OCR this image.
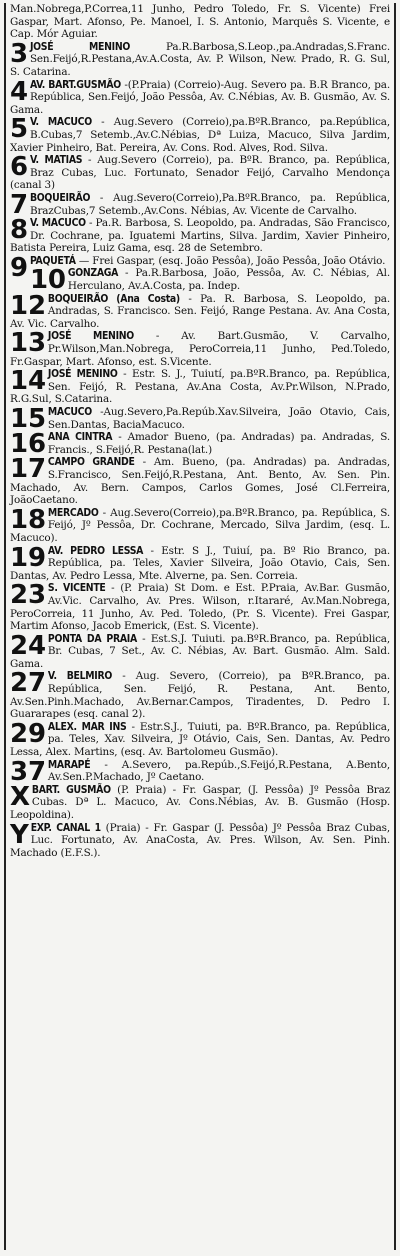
Man.Nobrega,P.Correa,11 Junho, Pedro Toledo, Fr. S. Vicente) Frei Gaspar, Mart. Afonso, Pe. Manoel, I. S. Antonio, Marquês S. Vicente, e Cap. Mór Aguiar.
3 JOSÉ MENINO Pa.R.Barbosa,S.Leop.,pa.Andradas,S.Franc. Sen.Feijó,R.Pestana,Av.A.Costa, Av. P. Wilson, New. Prado, R. G. Sul, S. Catarina.
4 AV. BART.GUSMÃO -(P.Praia) (Correio)-Aug. Severo pa. B.R Branco, pa. República, Sen.Feijó, João Pessôa, Av. C.Nébias, Av. B. Gusmão, Av. S. Gama.
5 V. MACUCO - Aug.Severo (Correio),pa.BºR.Branco, pa.República, B.Cubas,7 Setemb.,Av.C.Nébias, Dª Luiza, Macuco, Silva Jardim, Xavier Pinheiro, Bat. Pereira, Av. Cons. Rod. Alves, Rod. Silva.
6 V. MATIAS - Aug.Severo (Correio), pa. BºR. Branco, pa. República, Braz Cubas, Luc. Fortunato, Senador Feijó, Carvalho Mendonça (canal 3)
7 BOQUEIRÃO - Aug.Severo(Correio),Pa.BºR.Branco, pa. República, BrazCubas,7 Setemb.,Av.Cons. Nébias, Av. Vicente de Carvalho.
8 V. MACUCO - Pa.R. Barbosa, S. Leopoldo, pa. Andradas, São Francisco, Dr. Cochrane, pa. Iguatemi Martins, Silva. Jardim, Xavier Pinheiro, Batista Pereira, Luiz Gama, esq. 28 de Setembro.
9 PAQUETÁ — Frei Gaspar, (esq. João Pessôa), João Pessôa, João Otávio.
10 GONZAGA - Pa.R.Barbosa, João, Pessôa, Av. C. Nébias, Al. Herculano, Av.A.Costa, pa. Indep.
12 BOQUEIRÃO (Ana Costa) - Pa. R. Barbosa, S. Leopoldo, pa. Andradas, S. Francisco. Sen. Feijó, Range Pestana. Av. Ana Costa, Av. Vic. Carvalho.
13 JOSÉ MENINO - Av. Bart.Gusmão, V. Carvalho, Pr.Wilson,Man.Nobrega, PeroCorreia,11 Junho, Ped.Toledo, Fr.Gaspar, Mart. Afonso, est. S.Vicente.
14 JOSÉ MENINO - Estr. S. J., Tuiutí, pa.BºR.Branco, pa. República, Sen. Feijó, R. Pestana, Av.Ana Costa, Av.Pr.Wilson, N.Prado, R.G.Sul, S.Catarina.
15 MACUCO -Aug.Severo,Pa.Repúb.Xav.Silveira, João Otavio, Cais, Sen.Dantas, BaciaMacuco.
16 ANA CINTRA - Amador Bueno, (pa. Andradas) pa. Andradas, S. Francis., S.Feijó,R. Pestana(lat.)
17 CAMPO GRANDE - Am. Bueno, (pa. Andradas) pa. Andradas, S.Francisco, Sen.Feijó,R.Pestana, Ant. Bento, Av. Sen. Pin. Machado, Av. Bern. Campos, Carlos Gomes, José Cl.Ferreira, JoãoCaetano.
18 MERCADO - Aug.Severo(Correio),pa.BºR.Branco, pa. República, S. Feijó, Jº Pessôa, Dr. Cochrane, Mercado, Silva Jardim, (esq. L. Macuco).
19 AV. PEDRO LESSA - Estr. S J., Tuiuí, pa. Bº Rio Branco, pa. República, pa. Teles, Xavier Silveira, João Otavio, Cais, Sen. Dantas, Av. Pedro Lessa, Mte. Alverne, pa. Sen. Correia.
23 S. VICENTE - (P. Praia) St Dom. e Est. P.Praia, Av.Bar. Gusmão, Av.Vic. Carvalho, Av. Pres. Wilson, r.Itararé, Av.Man.Nobrega, PeroCorreia, 11 Junho, Av. Ped. Toledo, (Pr. S. Vicente). Frei Gaspar, Martim Afonso, Jacob Emerick, (Est. S. Vicente).
24 PONTA DA PRAIA - Est.S.J. Tuiuti. pa.BºR.Branco, pa. República, Br. Cubas, 7 Set., Av. C. Nébias, Av. Bart. Gusmão. Alm. Sald. Gama.
27 V. BELMIRO - Aug. Severo, (Correio), pa BºR.Branco, pa. República, Sen. Feijó, R. Pestana, Ant. Bento, Av.Sen.Pinh.Machado, Av.Bernar.Campos, Tiradentes, D. Pedro I. Guararapes (esq. canal 2).
29 ALEX. MAR INS - Estr.S.J., Tuiuti, pa. BºR.Branco, pa. República, pa. Teles, Xav. Silveira, Jº Otávio, Cais, Sen. Dantas, Av. Pedro Lessa, Alex. Martins, (esq. Av. Bartolomeu Gusmão).
37 MARAPÉ - A.Severo, pa.Repúb.,S.Feijó,R.Pestana, A.Bento, Av.Sen.P.Machado, Jº Caetano.
XBART. GUSMÃO (P. Praia) - Fr. Gaspar, (J. Pessôa) Jº Pessôa Braz Cubas. Dª L. Macuco, Av. Cons.Nébias, Av. B. Gusmão (Hosp. Leopoldina).
YEXP. CANAL 1 (Praia) - Fr. Gaspar (J. Pessôa) Jº Pessôa Braz Cubas, Luc. Fortunato, Av. AnaCosta, Av. Pres. Wilson, Av. Sen. Pinh. Machado (E.F.S.).
